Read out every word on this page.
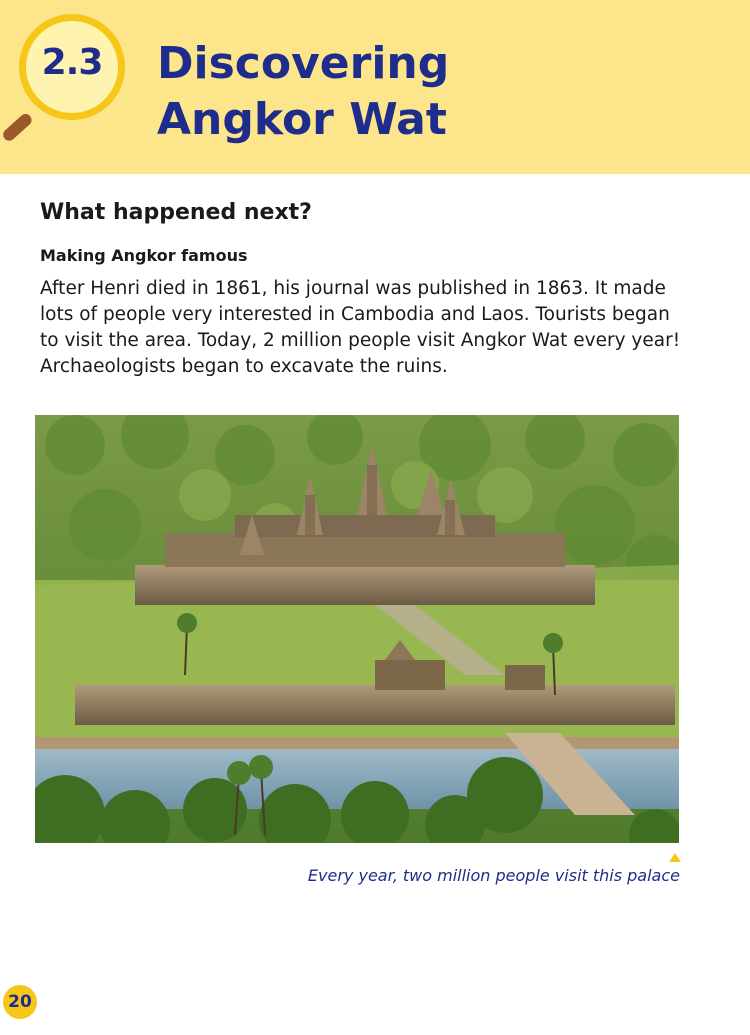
2.3	Discovering
Angkor Wat
What happened next?
Making Angkor famous

After Henri died in 1861, his journal was published in 1863. It made lots of people very interested in Cambodia and Laos. Tourists began to visit the area. Today, 2 million people visit Angkor Wat every year! Archaeologists began to excavate the ruins.

Every year, two million people visit this palace

20
